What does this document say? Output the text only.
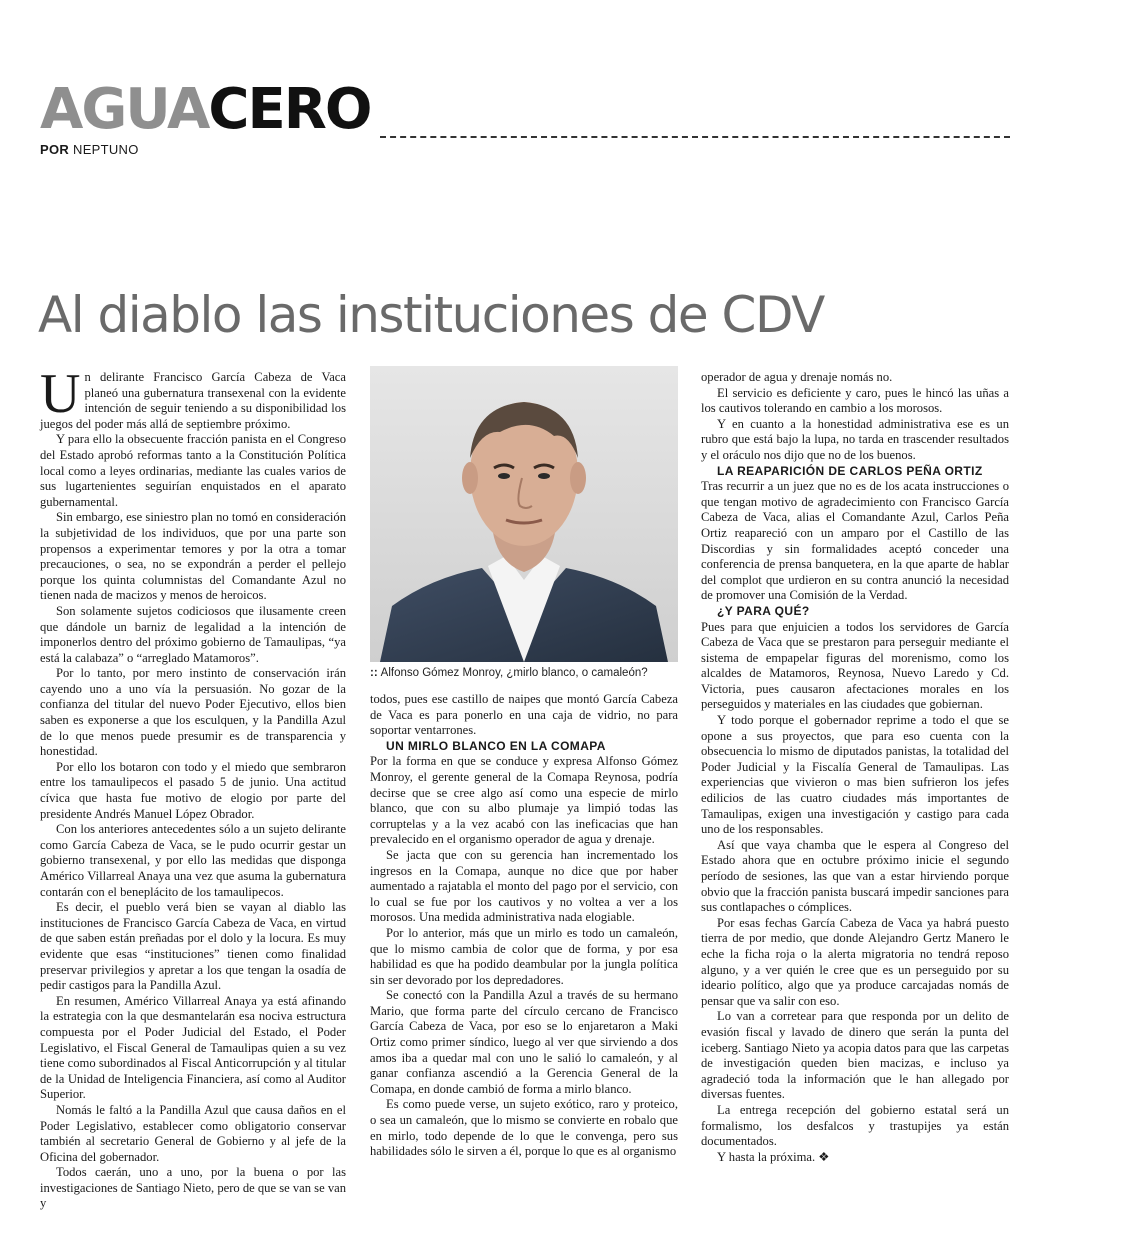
AGUACERO
POR NEPTUNO
Al diablo las instituciones de CDV

Un delirante Francisco García Cabeza de Vaca planeó una gubernatura transexenal con la evidente intención de seguir teniendo a su disponibilidad los juegos del poder más allá de septiembre próximo.

Y para ello la obsecuente fracción panista en el Congreso del Estado aprobó reformas tanto a la Constitución Política local como a leyes ordinarias, mediante las cuales varios de sus lugartenientes seguirían enquistados en el aparato gubernamental.

Sin embargo, ese siniestro plan no tomó en consideración la subjetividad de los individuos, que por una parte son propensos a experimentar temores y por la otra a tomar precauciones, o sea, no se expondrán a perder el pellejo porque los quinta columnistas del Comandante Azul no tienen nada de macizos y menos de heroicos.

Son solamente sujetos codiciosos que ilusamente creen que dándole un barniz de legalidad a la intención de imponerlos dentro del próximo gobierno de Tamaulipas, “ya está la calabaza” o “arreglado Matamoros”.

Por lo tanto, por mero instinto de conservación irán cayendo uno a uno vía la persuasión. No gozar de la confianza del titular del nuevo Poder Ejecutivo, ellos bien saben es exponerse a que los esculquen, y la Pandilla Azul de lo que menos puede presumir es de transparencia y honestidad.

Por ello los botaron con todo y el miedo que sembraron entre los tamaulipecos el pasado 5 de junio. Una actitud cívica que hasta fue motivo de elogio por parte del presidente Andrés Manuel López Obrador.

Con los anteriores antecedentes sólo a un sujeto delirante como García Cabeza de Vaca, se le pudo ocurrir gestar un gobierno transexenal, y por ello las medidas que disponga Américo Villarreal Anaya una vez que asuma la gubernatura contarán con el beneplácito de los tamaulipecos.

Es decir, el pueblo verá bien se vayan al diablo las instituciones de Francisco García Cabeza de Vaca, en virtud de que saben están preñadas por el dolo y la locura. Es muy evidente que esas “instituciones” tienen como finalidad preservar privilegios y apretar a los que tengan la osadía de pedir castigos para la Pandilla Azul.

En resumen, Américo Villarreal Anaya ya está afinando la estrategia con la que desmantelarán esa nociva estructura compuesta por el Poder Judicial del Estado, el Poder Legislativo, el Fiscal General de Tamaulipas quien a su vez tiene como subordinados al Fiscal Anticorrupción y al titular de la Unidad de Inteligencia Financiera, así como al Auditor Superior.

Nomás le faltó a la Pandilla Azul que causa daños en el Poder Legislativo, establecer como obligatorio conservar también al secretario General de Gobierno y al jefe de la Oficina del gobernador.

Todos caerán, uno a uno, por la buena o por las investigaciones de Santiago Nieto, pero de que se van se van y

:: Alfonso Gómez Monroy, ¿mirlo blanco, o camaleón?

todos, pues ese castillo de naipes que montó García Cabeza de Vaca es para ponerlo en una caja de vidrio, no para soportar ventarrones.

UN MIRLO BLANCO EN LA COMAPA

Por la forma en que se conduce y expresa Alfonso Gómez Monroy, el gerente general de la Comapa Reynosa, podría decirse que se cree algo así como una especie de mirlo blanco, que con su albo plumaje ya limpió todas las corruptelas y a la vez acabó con las ineficacias que han prevalecido en el organismo operador de agua y drenaje.

Se jacta que con su gerencia han incrementado los ingresos en la Comapa, aunque no dice que por haber aumentado a rajatabla el monto del pago por el servicio, con lo cual se fue por los cautivos y no voltea a ver a los morosos. Una medida administrativa nada elogiable.

Por lo anterior, más que un mirlo es todo un camaleón, que lo mismo cambia de color que de forma, y por esa habilidad es que ha podido deambular por la jungla política sin ser devorado por los depredadores.

Se conectó con la Pandilla Azul a través de su hermano Mario, que forma parte del círculo cercano de Francisco García Cabeza de Vaca, por eso se lo enjaretaron a Maki Ortiz como primer síndico, luego al ver que sirviendo a dos amos iba a quedar mal con uno le salió lo camaleón, y al ganar confianza ascendió a la Gerencia General de la Comapa, en donde cambió de forma a mirlo blanco.

Es como puede verse, un sujeto exótico, raro y proteico, o sea un camaleón, que lo mismo se convierte en robalo que en mirlo, todo depende de lo que le convenga, pero sus habilidades sólo le sirven a él, porque lo que es al organismo

operador de agua y drenaje nomás no.

El servicio es deficiente y caro, pues le hincó las uñas a los cautivos tolerando en cambio a los morosos.

Y en cuanto a la honestidad administrativa ese es un rubro que está bajo la lupa, no tarda en trascender resultados y el oráculo nos dijo que no de los buenos.

LA REAPARICIÓN DE CARLOS PEÑA ORTIZ

Tras recurrir a un juez que no es de los acata instrucciones o que tengan motivo de agradecimiento con Francisco García Cabeza de Vaca, alias el Comandante Azul, Carlos Peña Ortiz reapareció con un amparo por el Castillo de las Discordias y sin formalidades aceptó conceder una conferencia de prensa banquetera, en la que aparte de hablar del complot que urdieron en su contra anunció la necesidad de promover una Comisión de la Verdad.

¿Y PARA QUÉ?

Pues para que enjuicien a todos los servidores de García Cabeza de Vaca que se prestaron para perseguir mediante el sistema de empapelar figuras del morenismo, como los alcaldes de Matamoros, Reynosa, Nuevo Laredo y Cd. Victoria, pues causaron afectaciones morales en los perseguidos y materiales en las ciudades que gobiernan.

Y todo porque el gobernador reprime a todo el que se opone a sus proyectos, que para eso cuenta con la obsecuencia lo mismo de diputados panistas, la totalidad del Poder Judicial y la Fiscalía General de Tamaulipas. Las experiencias que vivieron o mas bien sufrieron los jefes edilicios de las cuatro ciudades más importantes de Tamaulipas, exigen una investigación y castigo para cada uno de los responsables.

Así que vaya chamba que le espera al Congreso del Estado ahora que en octubre próximo inicie el segundo período de sesiones, las que van a estar hirviendo porque obvio que la fracción panista buscará impedir sanciones para sus contlapaches o cómplices.

Por esas fechas García Cabeza de Vaca ya habrá puesto tierra de por medio, que donde Alejandro Gertz Manero le eche la ficha roja o la alerta migratoria no tendrá reposo alguno, y a ver quién le cree que es un perseguido por su ideario político, algo que ya produce carcajadas nomás de pensar que va salir con eso.

Lo van a corretear para que responda por un delito de evasión fiscal y lavado de dinero que serán la punta del iceberg. Santiago Nieto ya acopia datos para que las carpetas de investigación queden bien macizas, e incluso ya agradeció toda la información que le han allegado por diversas fuentes.

La entrega recepción del gobierno estatal será un formalismo, los desfalcos y trastupijes ya están documentados.

Y hasta la próxima. ❖
